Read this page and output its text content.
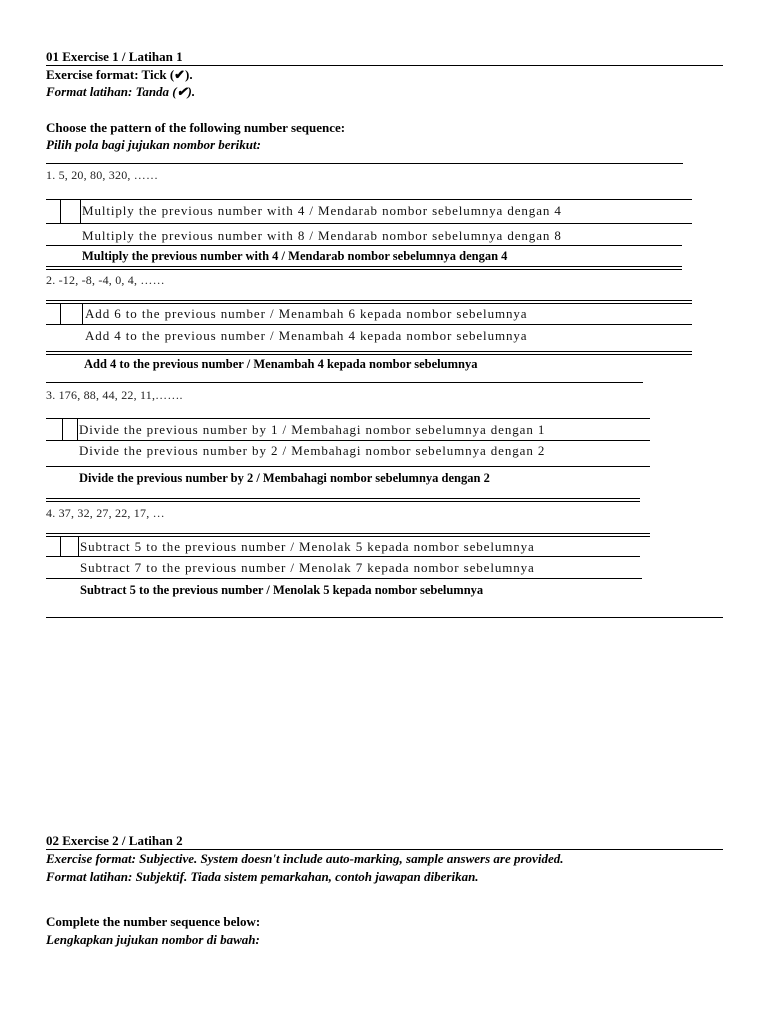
01 Exercise 1 / Latihan 1
Exercise format: Tick (✔).
Format latihan: Tanda (✔).
Choose the pattern of the following number sequence:
Pilih pola bagi jujukan nombor berikut:
1. 5, 20, 80, 320, ……
Multiply the previous number with 4 / Mendarab nombor sebelumnya dengan 4
Multiply the previous number with 8 / Mendarab nombor sebelumnya dengan 8
Multiply the previous number with 4 / Mendarab nombor sebelumnya dengan 4
2. -12, -8, -4, 0, 4, ……
Add 6 to the previous number / Menambah 6 kepada nombor sebelumnya
Add 4 to the previous number / Menambah 4 kepada nombor sebelumnya
Add 4 to the previous number / Menambah 4 kepada nombor sebelumnya
3. 176, 88, 44, 22, 11,…….
Divide the previous number by 1 / Membahagi nombor sebelumnya dengan 1
Divide the previous number by 2 / Membahagi nombor sebelumnya dengan 2
Divide the previous number by 2 / Membahagi nombor sebelumnya dengan 2
4. 37, 32, 27, 22, 17, …
Subtract 5 to the previous number / Menolak 5 kepada nombor sebelumnya
Subtract 7 to the previous number / Menolak 7 kepada nombor sebelumnya
Subtract 5 to the previous number / Menolak 5 kepada nombor sebelumnya
02 Exercise 2 / Latihan 2
Exercise format: Subjective. System doesn't include auto-marking, sample answers are provided.
Format latihan: Subjektif. Tiada sistem pemarkahan, contoh jawapan diberikan.
Complete the number sequence below:
Lengkapkan jujukan nombor di bawah:
